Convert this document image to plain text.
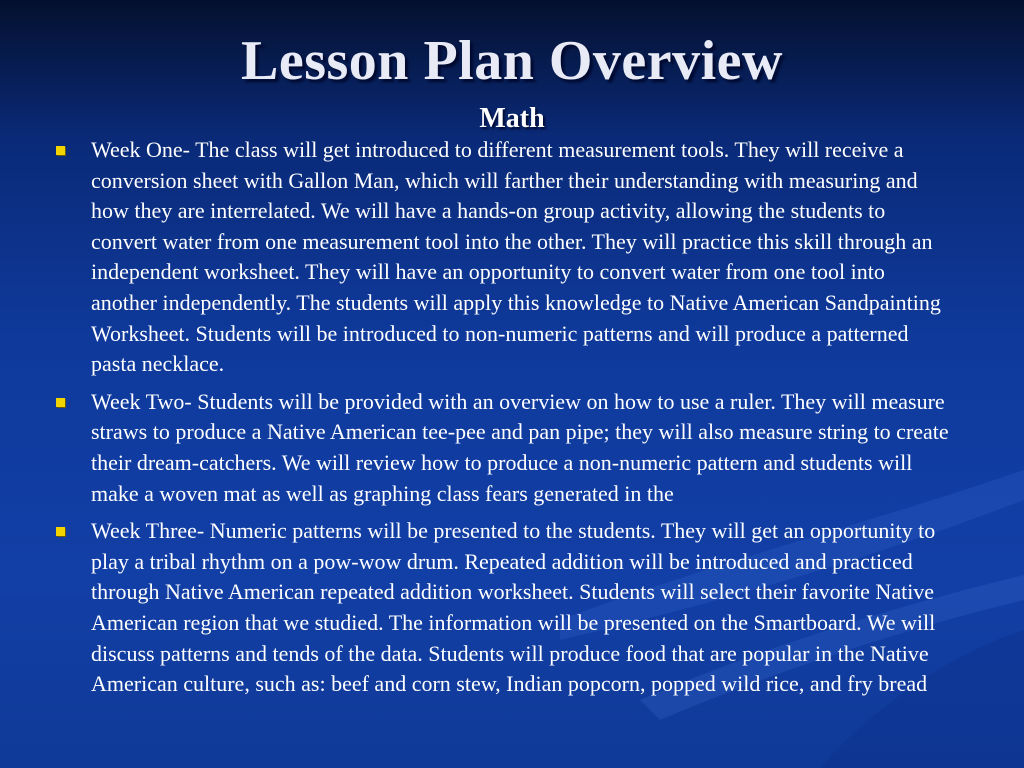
Lesson Plan Overview
Math
Week One- The class will get introduced to different measurement tools. They will receive a conversion sheet with Gallon Man, which will farther their understanding with measuring and how they are interrelated. We will have a hands-on group activity, allowing the students to convert water from one measurement tool into the other. They will practice this skill through an independent worksheet. They will have an opportunity to convert water from one tool into another independently. The students will apply this knowledge to Native American Sandpainting Worksheet. Students will be introduced to non-numeric patterns and will produce a patterned pasta necklace.
Week Two- Students will be provided with an overview on how to use a ruler. They will measure straws to produce a Native American tee-pee and pan pipe; they will also measure string to create their dream-catchers. We will review how to produce a non-numeric pattern and students will make a woven mat as well as graphing class fears generated in the
Week Three- Numeric patterns will be presented to the students. They will get an opportunity to play a tribal rhythm on a pow-wow drum. Repeated addition will be introduced and practiced through Native American repeated addition worksheet. Students will select their favorite Native American region that we studied. The information will be presented on the Smartboard. We will discuss patterns and tends of the data. Students will produce food that are popular in the Native American culture, such as: beef and corn stew, Indian popcorn, popped wild rice, and fry bread
